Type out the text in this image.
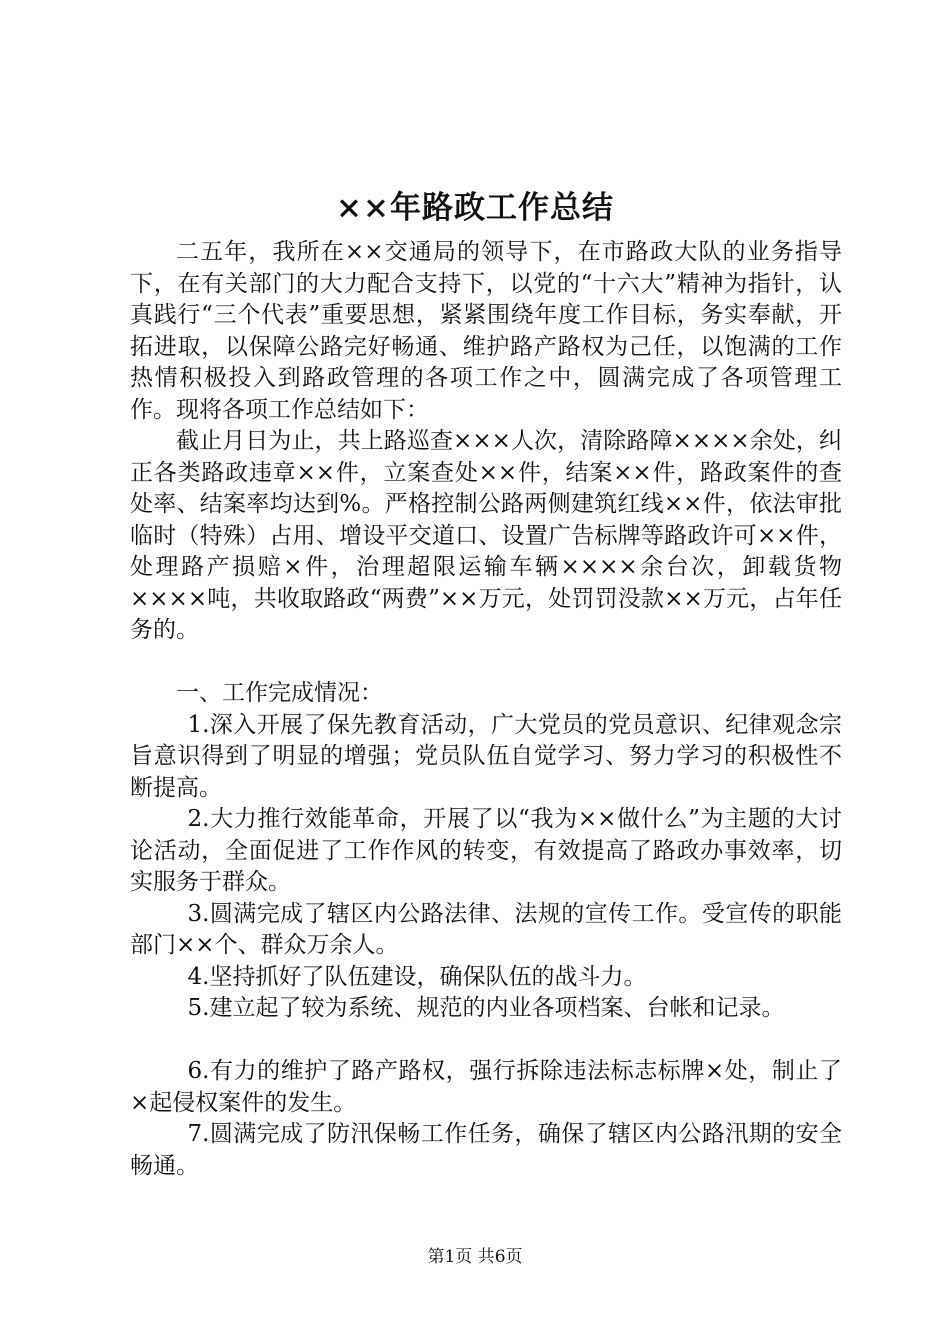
××年路政工作总结

二五年，我所在××交通局的领导下，在市路政大队的业务指导下，在有关部门的大力配合支持下，以党的“十六大”精神为指针，认真践行“三个代表”重要思想，紧紧围绕年度工作目标，务实奉献，开拓进取，以保障公路完好畅通、维护路产路权为己任，以饱满的工作热情积极投入到路政管理的各项工作之中，圆满完成了各项管理工作。现将各项工作总结如下：

截止月日为止，共上路巡查×××人次，清除路障××××余处，纠正各类路政违章××件，立案查处××件，结案××件，路政案件的查处率、结案率均达到%。严格控制公路两侧建筑红线××件，依法审批临时（特殊）占用、增设平交道口、设置广告标牌等路政许可××件，处理路产损赔×件，治理超限运输车辆××××余台次，卸载货物××××吨，共收取路政“两费”××万元，处罚罚没款××万元，占年任务的。

一、工作完成情况：

1.深入开展了保先教育活动，广大党员的党员意识、纪律观念宗旨意识得到了明显的增强；党员队伍自觉学习、努力学习的积极性不断提高。

2.大力推行效能革命，开展了以“我为××做什么”为主题的大讨论活动，全面促进了工作作风的转变，有效提高了路政办事效率，切实服务于群众。

3.圆满完成了辖区内公路法律、法规的宣传工作。受宣传的职能部门××个、群众万余人。

4.坚持抓好了队伍建设，确保队伍的战斗力。

5.建立起了较为系统、规范的内业各项档案、台帐和记录。

6.有力的维护了路产路权，强行拆除违法标志标牌×处，制止了×起侵权案件的发生。

7.圆满完成了防汛保畅工作任务，确保了辖区内公路汛期的安全畅通。

第1页 共6页
